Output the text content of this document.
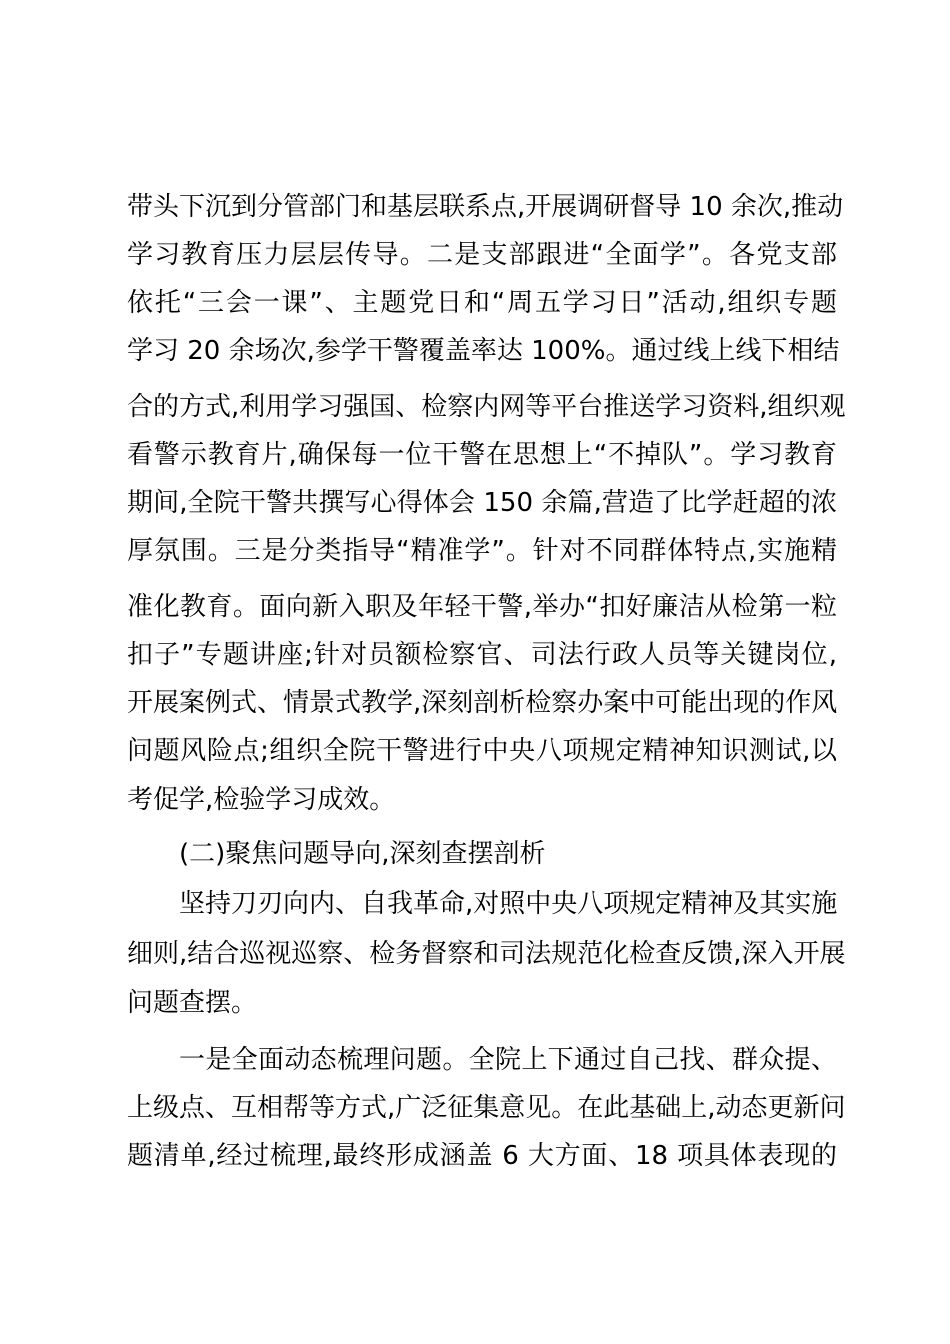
带头下沉到分管部门和基层联系点,开展调研督导 10 余次,推动
学习教育压力层层传导。二是支部跟进“全面学”。各党支部
依托“三会一课”、主题党日和“周五学习日”活动,组织专题
学习 20 余场次,参学干警覆盖率达 100%。通过线上线下相结
合的方式,利用学习强国、检察内网等平台推送学习资料,组织观
看警示教育片,确保每一位干警在思想上“不掉队”。学习教育
期间,全院干警共撰写心得体会 150 余篇,营造了比学赶超的浓
厚氛围。三是分类指导“精准学”。针对不同群体特点,实施精
准化教育。面向新入职及年轻干警,举办“扣好廉洁从检第一粒
扣子”专题讲座;针对员额检察官、司法行政人员等关键岗位,
开展案例式、情景式教学,深刻剖析检察办案中可能出现的作风
问题风险点;组织全院干警进行中央八项规定精神知识测试,以
考促学,检验学习成效。
(二)聚焦问题导向,深刻查摆剖析
坚持刀刃向内、自我革命,对照中央八项规定精神及其实施
细则,结合巡视巡察、检务督察和司法规范化检查反馈,深入开展
问题查摆。
一是全面动态梳理问题。全院上下通过自己找、群众提、
上级点、互相帮等方式,广泛征集意见。在此基础上,动态更新问
题清单,经过梳理,最终形成涵盖 6 大方面、18 项具体表现的
